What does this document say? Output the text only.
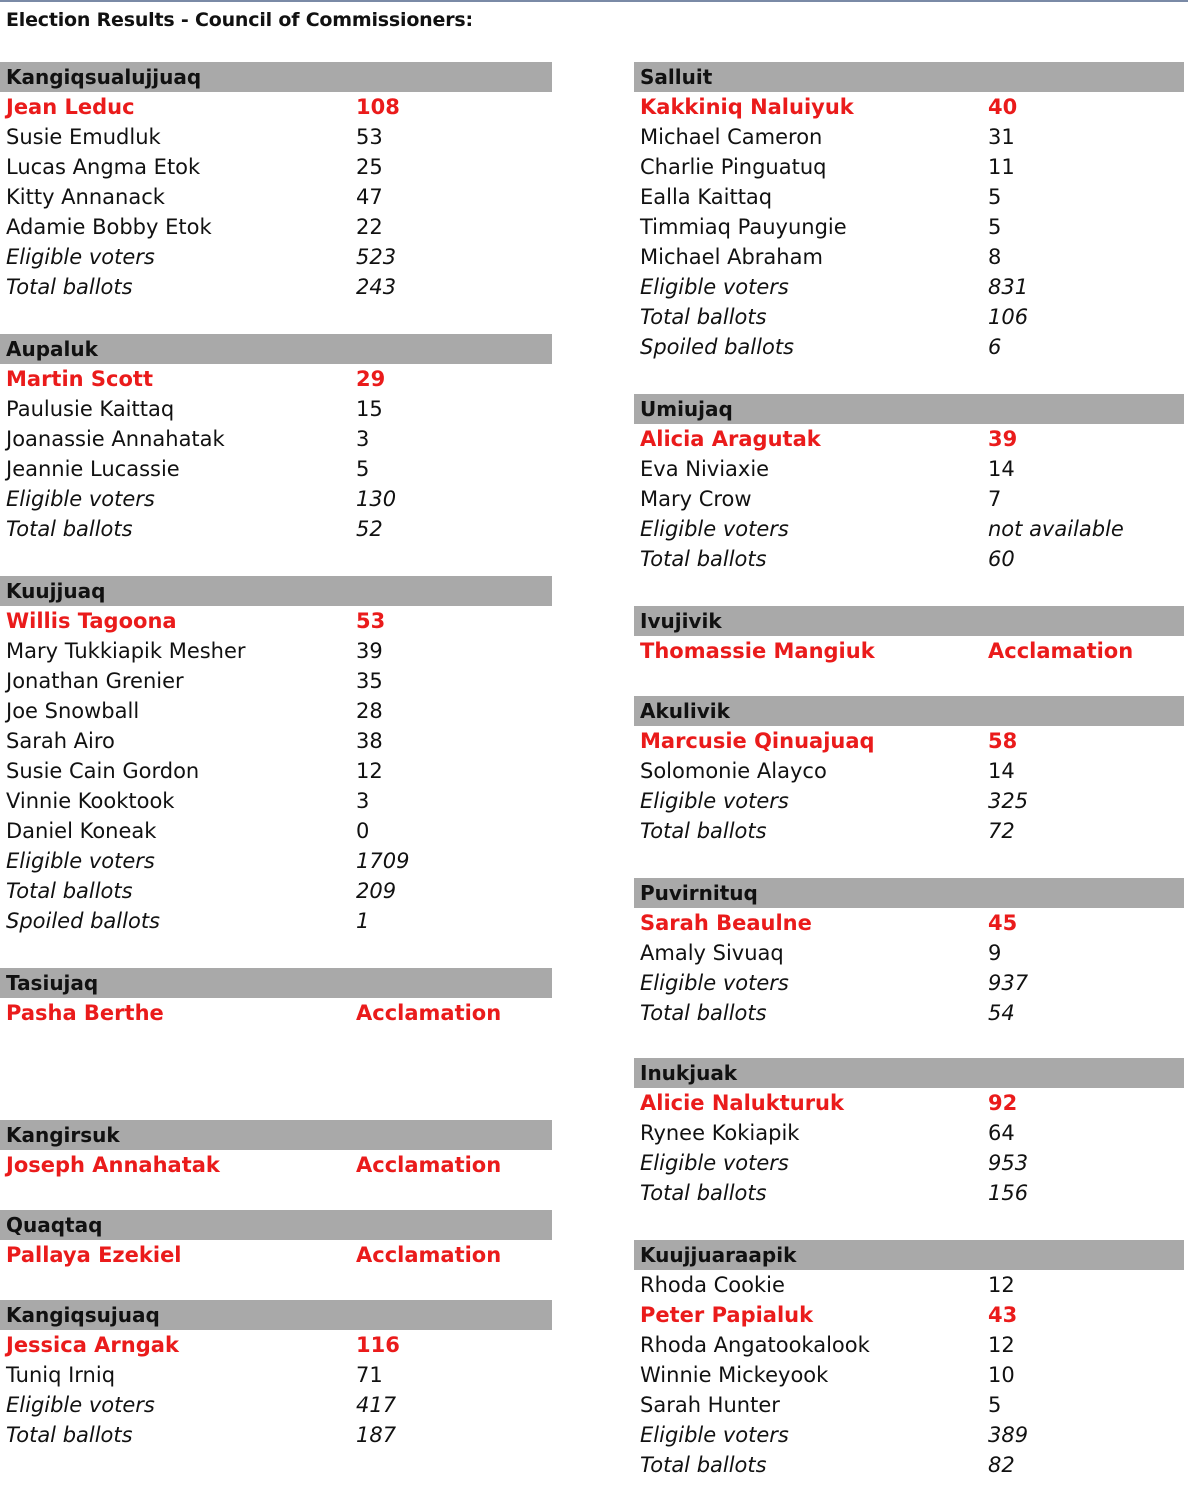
Election Results - Council of Commissioners:
Kangiqsualujjuaq
Jean Leduc	108
Susie Emudluk	53
Lucas Angma Etok	25
Kitty Annanack	47
Adamie Bobby Etok	22
Eligible voters	523
Total ballots	243
Aupaluk
Martin Scott	29
Paulusie Kaittaq	15
Joanassie Annahatak	3
Jeannie Lucassie	5
Eligible voters	130
Total ballots	52
Kuujjuaq
Willis Tagoona	53
Mary Tukkiapik Mesher	39
Jonathan Grenier	35
Joe Snowball	28
Sarah Airo	38
Susie Cain Gordon	12
Vinnie Kooktook	3
Daniel Koneak	0
Eligible voters	1709
Total ballots	209
Spoiled ballots	1
Tasiujaq
Pasha Berthe	Acclamation
Kangirsuk
Joseph Annahatak	Acclamation
Quaqtaq
Pallaya Ezekiel	Acclamation
Kangiqsujuaq
Jessica Arngak	116
Tuniq Irniq	71
Eligible voters	417
Total ballots	187
Salluit
Kakkiniq Naluiyuk	40
Michael Cameron	31
Charlie Pinguatuq	11
Ealla Kaittaq	5
Timmiaq Pauyungie	5
Michael Abraham	8
Eligible voters	831
Total ballots	106
Spoiled ballots	6
Umiujaq
Alicia Aragutak	39
Eva Niviaxie	14
Mary Crow	7
Eligible voters	not available
Total ballots	60
Ivujivik
Thomassie Mangiuk	Acclamation
Akulivik
Marcusie Qinuajuaq	58
Solomonie Alayco	14
Eligible voters	325
Total ballots	72
Puvirnituq
Sarah Beaulne	45
Amaly Sivuaq	9
Eligible voters	937
Total ballots	54
Inukjuak
Alicie Nalukturuk	92
Rynee Kokiapik	64
Eligible voters	953
Total ballots	156
Kuujjuaraapik
Rhoda Cookie	12
Peter Papialuk	43
Rhoda Angatookalook	12
Winnie Mickeyook	10
Sarah Hunter	5
Eligible voters	389
Total ballots	82
